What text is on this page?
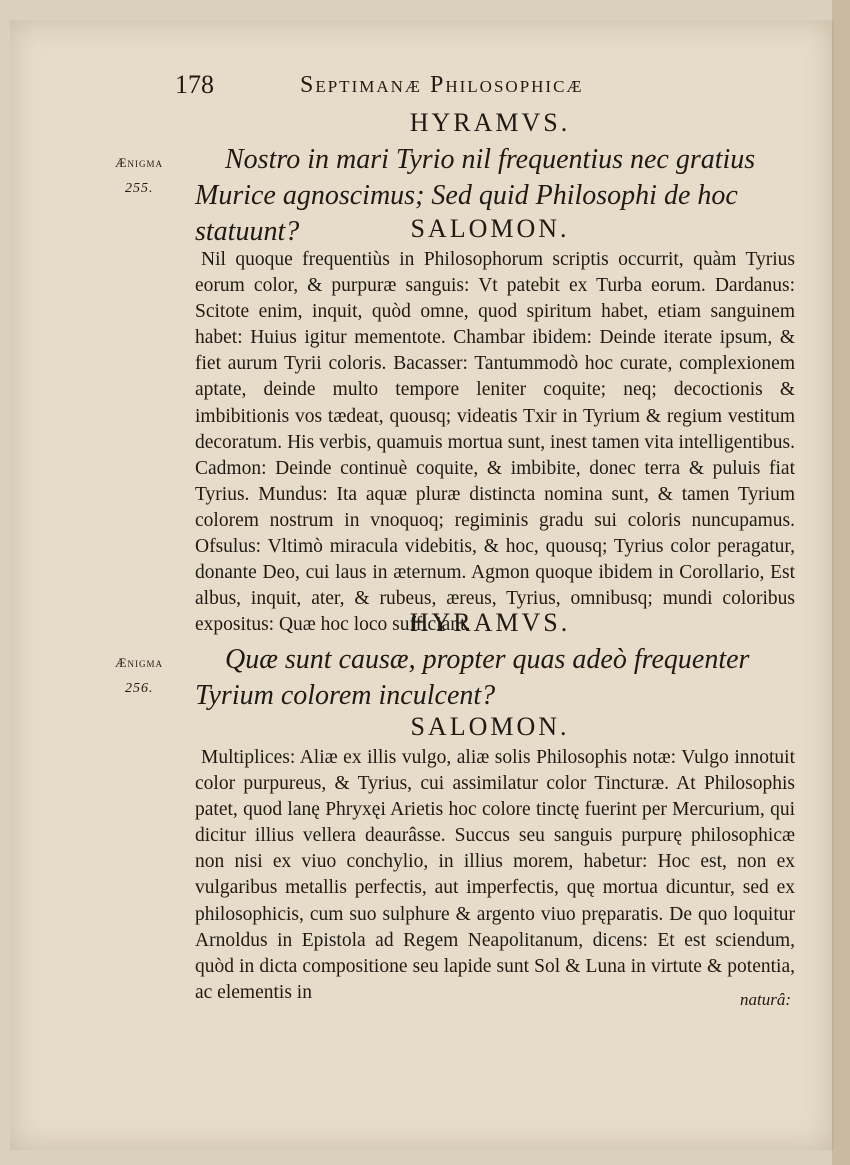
178	Septimanæ Philosophicæ
HYRAMVS.
Ænigma
255.
Nostro in mari Tyrio nil frequentius nec gratius Murice agnoscimus; Sed quid Philosophi de hoc statuunt?	SALOMON.
Nil quoque frequentiùs in Philosophorum scriptis occurrit, quàm Tyrius eorum color, & purpuræ sanguis: Vt patebit ex Turba eorum. Dardanus: Scitote enim, inquit, quòd omne, quod spiritum habet, etiam sanguinem habet: Huius igitur mementote. Chambar ibidem: Deinde iterate ipsum, & fiet aurum Tyrii coloris. Bacasser: Tantummodò hoc curate, complexionem aptate, deinde multo tempore leniter coquite; neq; decoctionis & imbibitionis vos tædeat, quousq; videatis Txir in Tyrium & regium vestitum decoratum. His verbis, quamuis mortua sunt, inest tamen vita intelligentibus. Cadmon: Deinde continuè coquite, & imbibite, donec terra & puluis fiat Tyrius. Mundus: Ita aquæ pluræ distincta nomina sunt, & tamen Tyrium colorem nostrum in vnoquoq; regiminis gradu sui coloris nuncupamus. Ofsulus: Vltimò miracula videbitis, & hoc, quousq; Tyrius color peragatur, donante Deo, cui laus in æternum. Agmon quoque ibidem in Corollario, Est albus, inquit, ater, & rubeus, æreus, Tyrius, omnibusq; mundi coloribus expositus: Quæ hoc loco sufficiant.
HYRAMVS.
Ænigma
256.
Quæ sunt causæ, propter quas adeò frequenter Tyrium colorem inculcent?
SALOMON.
Multiplices: Aliæ ex illis vulgo, aliæ solis Philosophis notæ: Vulgo innotuit color purpureus, & Tyrius, cui assimilatur color Tincturæ. At Philosophis patet, quod lanę Phryxęi Arietis hoc colore tinctę fuerint per Mercurium, qui dicitur illius vellera deaurâsse. Succus seu sanguis purpurę philosophicæ non nisi ex viuo conchylio, in illius morem, habetur: Hoc est, non ex vulgaribus metallis perfectis, aut imperfectis, quę mortua dicuntur, sed ex philosophicis, cum suo sulphure & argento viuo pręparatis. De quo loquitur Arnoldus in Epistola ad Regem Neapolitanum, dicens: Et est sciendum, quòd in dicta compositione seu lapide sunt Sol & Luna in virtute & potentia, ac elementis in	naturâ:
